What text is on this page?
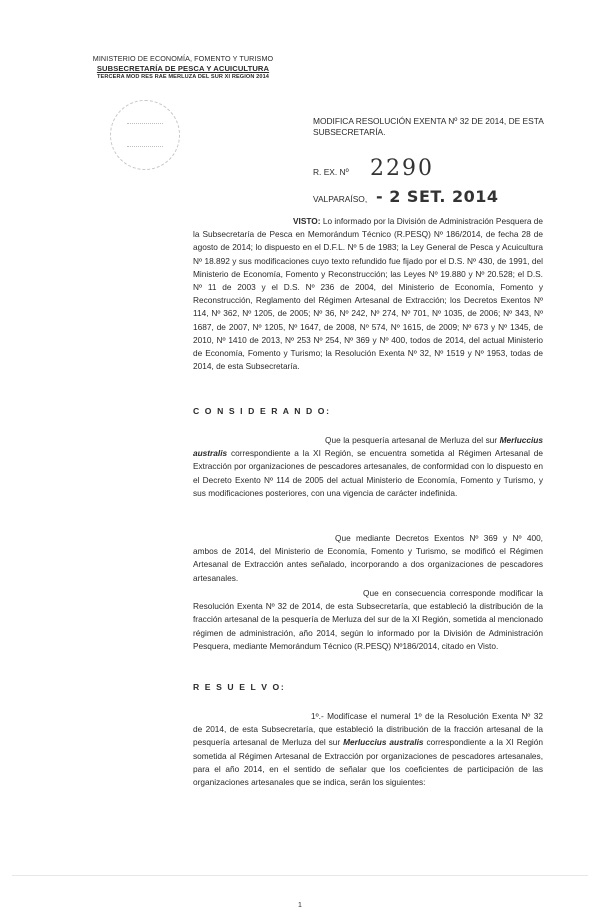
MINISTERIO DE ECONOMÍA, FOMENTO Y TURISMO
SUBSECRETARÍA DE PESCA Y ACUICULTURA
TERCERA MOD RES RAE MERLUZA DEL SUR XI REGION 2014
MODIFICA RESOLUCIÓN EXENTA Nº 32 DE 2014, DE ESTA SUBSECRETARÍA.
R. EX. Nº 2290
VALPARAÍSO, - 2 SET. 2014
VISTO: Lo informado por la División de Administración Pesquera de la Subsecretaría de Pesca en Memorándum Técnico (R.PESQ) Nº 186/2014, de fecha 28 de agosto de 2014; lo dispuesto en el D.F.L. Nº 5 de 1983; la Ley General de Pesca y Acuicultura Nº 18.892 y sus modificaciones cuyo texto refundido fue fijado por el D.S. Nº 430, de 1991, del Ministerio de Economía, Fomento y Reconstrucción; las Leyes Nº 19.880 y Nº 20.528; el D.S. Nº 11 de 2003 y el D.S. Nº 236 de 2004, del Ministerio de Economía, Fomento y Reconstrucción, Reglamento del Régimen Artesanal de Extracción; los Decretos Exentos Nº 114, Nº 362, Nº 1205, de 2005; Nº 36, Nº 242, Nº 274, Nº 701, Nº 1035, de 2006; Nº 343, Nº 1687, de 2007, Nº 1205, Nº 1647, de 2008, Nº 574, Nº 1615, de 2009; Nº 673 y Nº 1345, de 2010, Nº 1410 de 2013, Nº 253 Nº 254, Nº 369 y Nº 400, todos de 2014, del actual Ministerio de Economía, Fomento y Turismo; la Resolución Exenta Nº 32, Nº 1519 y Nº 1953, todas de 2014, de esta Subsecretaría.
C O N S I D E R A N D O:
Que la pesquería artesanal de Merluza del sur Merluccius australis correspondiente a la XI Región, se encuentra sometida al Régimen Artesanal de Extracción por organizaciones de pescadores artesanales, de conformidad con lo dispuesto en el Decreto Exento Nº 114 de 2005 del actual Ministerio de Economía, Fomento y Turismo, y sus modificaciones posteriores, con una vigencia de carácter indefinida.
Que mediante Decretos Exentos Nº 369 y Nº 400, ambos de 2014, del Ministerio de Economía, Fomento y Turismo, se modificó el Régimen Artesanal de Extracción antes señalado, incorporando a dos organizaciones de pescadores artesanales.
Que en consecuencia corresponde modificar la Resolución Exenta Nº 32 de 2014, de esta Subsecretaría, que estableció la distribución de la fracción artesanal de la pesquería de Merluza del sur de la XI Región, sometida al mencionado régimen de administración, año 2014, según lo informado por la División de Administración Pesquera, mediante Memorándum Técnico (R.PESQ) Nº186/2014, citado en Visto.
R E S U E L V O:
1º.- Modifícase el numeral 1º de la Resolución Exenta Nº 32 de 2014, de esta Subsecretaría, que estableció la distribución de la fracción artesanal de la pesquería artesanal de Merluza del sur Merluccius australis correspondiente a la XI Región sometida al Régimen Artesanal de Extracción por organizaciones de pescadores artesanales, para el año 2014, en el sentido de señalar que los coeficientes de participación de las organizaciones artesanales que se indica, serán los siguientes:
1
